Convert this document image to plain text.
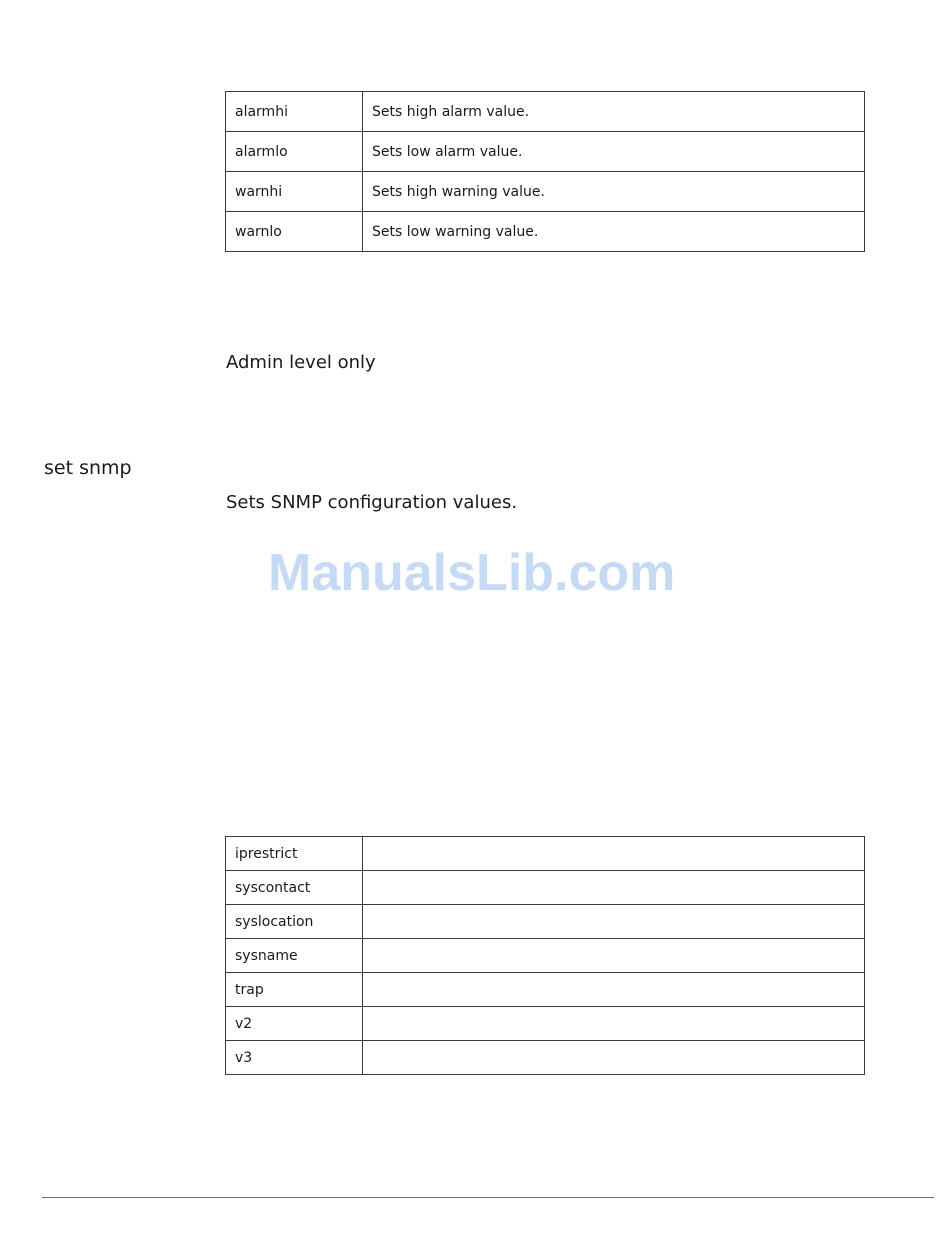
alarmhi	Sets high alarm value.
alarmlo	Sets low alarm value.
warnhi	Sets high warning value.
warnlo	Sets low warning value.
Admin level only
set snmp
Sets SNMP configuration values.
ManualsLib.com
iprestrict	
syscontact	
syslocation	
sysname	
trap	
v2	
v3	
